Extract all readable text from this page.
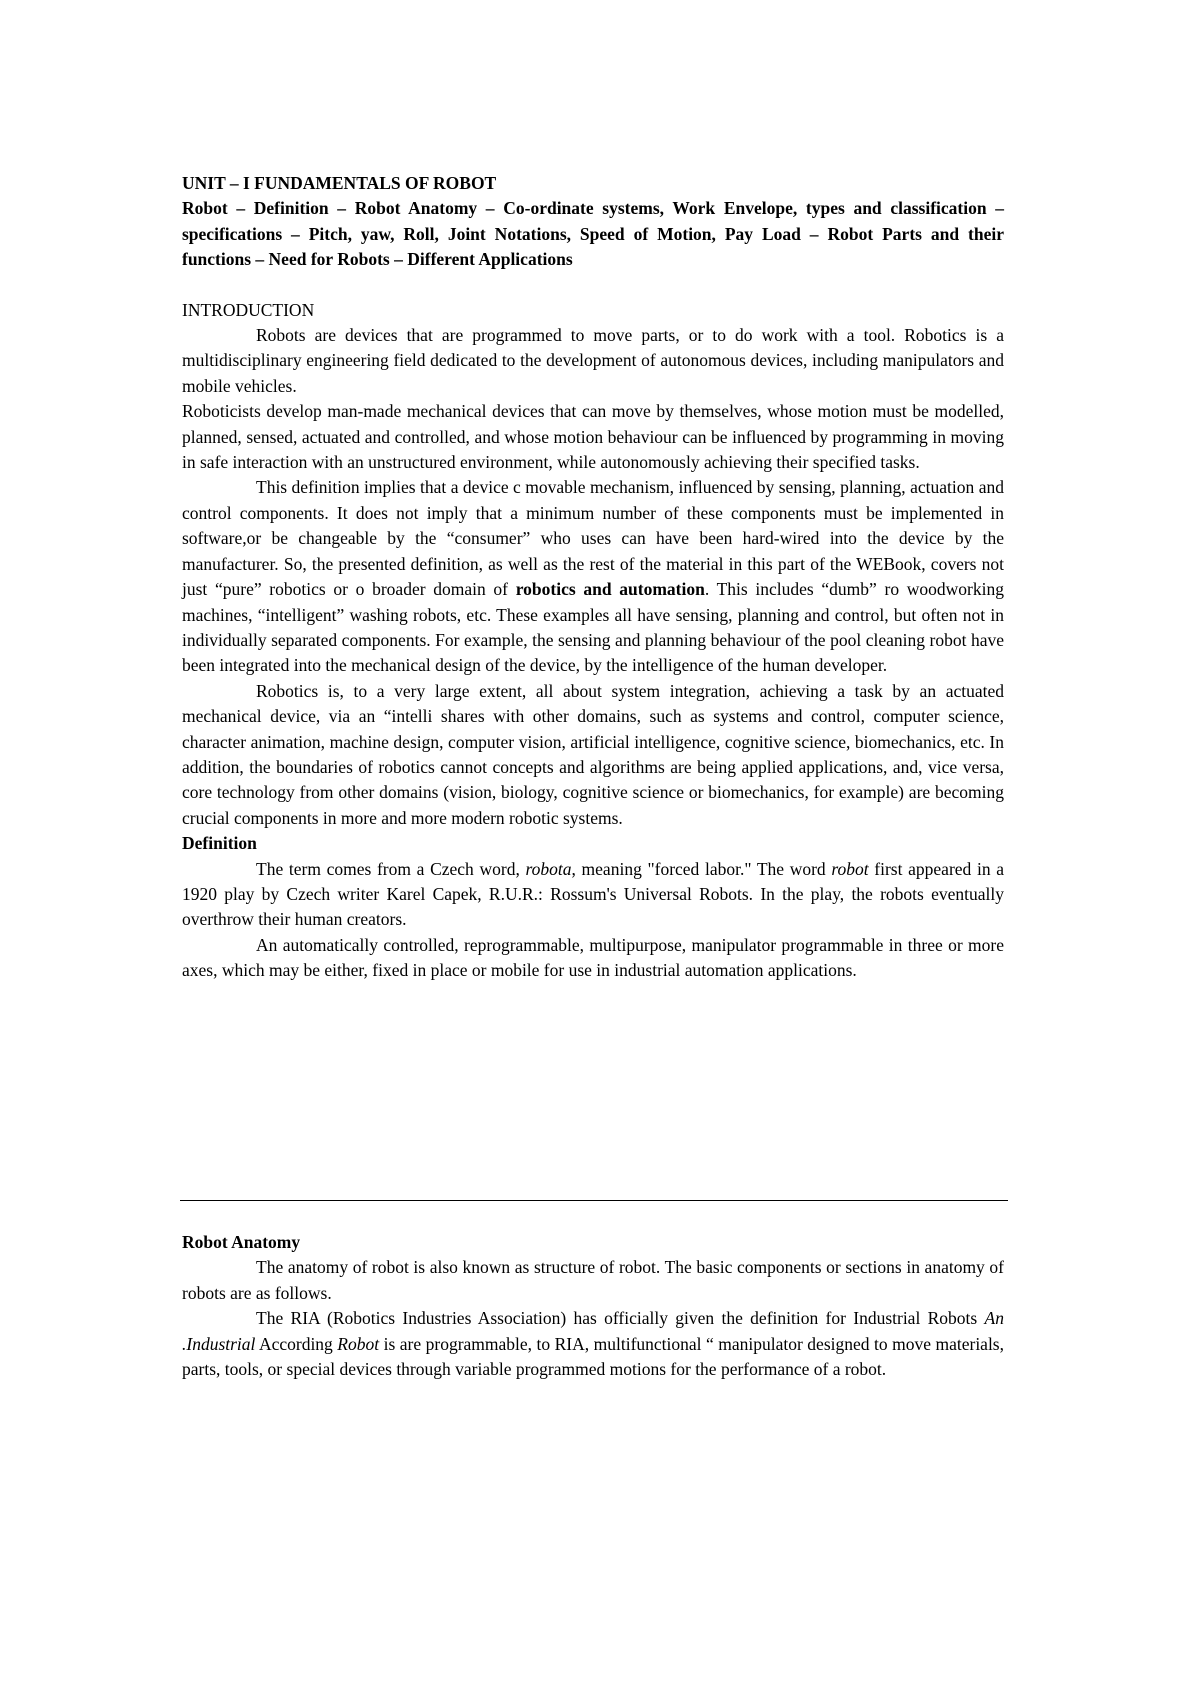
UNIT – I FUNDAMENTALS OF ROBOT

Robot – Definition – Robot Anatomy – Co-ordinate systems, Work Envelope, types and classification – specifications – Pitch, yaw, Roll, Joint Notations, Speed of Motion, Pay Load – Robot Parts and their functions – Need for Robots – Different Applications

INTRODUCTION

Robots are devices that are programmed to move parts, or to do work with a tool. Robotics is a multidisciplinary engineering field dedicated to the development of autonomous devices, including manipulators and mobile vehicles.

Roboticists develop man-made mechanical devices that can move by themselves, whose motion must be modelled, planned, sensed, actuated and controlled, and whose motion behaviour can be influenced by programming in moving in safe interaction with an unstructured environment, while autonomously achieving their specified tasks.

This definition implies that a device c movable mechanism, influenced by sensing, planning, actuation and control components. It does not imply that a minimum number of these components must be implemented in software,or be changeable by the “consumer” who uses can have been hard-wired into the device by the manufacturer. So, the presented definition, as well as the rest of the material in this part of the WEBook, covers not just “pure” robotics or o broader domain of robotics and automation. This includes “dumb” ro woodworking machines, “intelligent” washing robots, etc. These examples all have sensing, planning and control, but often not in individually separated components. For example, the sensing and planning behaviour of the pool cleaning robot have been integrated into the mechanical design of the device, by the intelligence of the human developer.

Robotics is, to a very large extent, all about system integration, achieving a task by an actuated mechanical device, via an “intelli shares with other domains, such as systems and control, computer science, character animation, machine design, computer vision, artificial intelligence, cognitive science, biomechanics, etc. In addition, the boundaries of robotics cannot concepts and algorithms are being applied applications, and, vice versa, core technology from other domains (vision, biology, cognitive science or biomechanics, for example) are becoming crucial components in more and more modern robotic systems.

Definition

The term comes from a Czech word, robota, meaning "forced labor." The word robot first appeared in a 1920 play by Czech writer Karel Capek, R.U.R.: Rossum's Universal Robots. In the play, the robots eventually overthrow their human creators.

An automatically controlled, reprogrammable, multipurpose, manipulator programmable in three or more axes, which may be either, fixed in place or mobile for use in industrial automation applications.

Robot Anatomy

The anatomy of robot is also known as structure of robot. The basic components or sections in anatomy of robots are as follows.

The RIA (Robotics Industries Association) has officially given the definition for Industrial Robots An .Industrial According Robot is are programmable, to RIA, multifunctional “ manipulator designed to move materials, parts, tools, or special devices through variable programmed motions for the performance of a robot.
